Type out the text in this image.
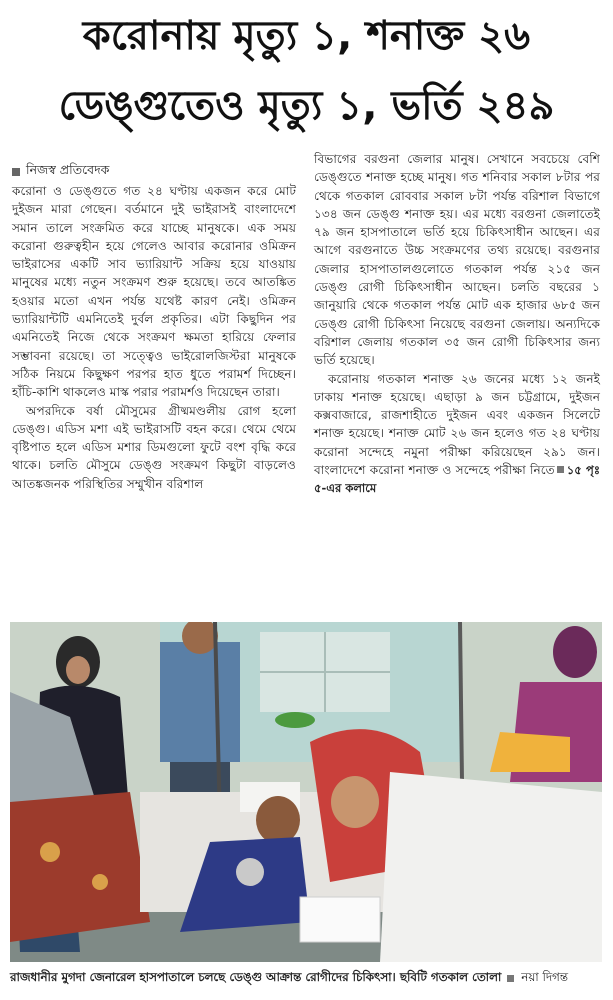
করোনায় মৃত্যু ১, শনাক্ত ২৬
ডেঙ্গুতেও মৃত্যু ১, ভর্তি ২৪৯
নিজস্ব প্রতিবেদক

করোনা ও ডেঙ্গুতে গত ২৪ ঘণ্টায় একজন করে মোট দুইজন মারা গেছেন। বর্তমানে দুই ভাইরাসই বাংলাদেশে সমান তালে সংক্রমিত করে যাচ্ছে মানুষকে। এক সময় করোনা গুরুত্বহীন হয়ে গেলেও আবার করোনার ওমিক্রন ভাইরাসের একটি সাব ভ্যারিয়ান্ট সক্রিয় হয়ে যাওয়ায় মানুষের মধ্যে নতুন সংক্রমণ শুরু হয়েছে। তবে আতঙ্কিত হওয়ার মতো এখন পর্যন্ত যথেষ্ট কারণ নেই। ওমিক্রন ভ্যারিয়ান্টটি এমনিতেই দুর্বল প্রকৃতির। এটা কিছুদিন পর এমনিতেই নিজে থেকে সংক্রমণ ক্ষমতা হারিয়ে ফেলার সম্ভাবনা রয়েছে। তা সত্ত্বেও ভাইরোলজিস্টরা মানুষকে সঠিক নিয়মে কিছুক্ষণ পরপর হাত ধুতে পরামর্শ দিচ্ছেন। হাঁচি-কাশি থাকলেও মাস্ক পরার পরামর্শও দিয়েছেন তারা।

অপরদিকে বর্ষা মৌসুমের গ্রীষ্মমণ্ডলীয় রোগ হলো ডেঙ্গু। এডিস মশা এই ভাইরাসটি বহন করে। থেমে থেমে বৃষ্টিপাত হলে এডিস মশার ডিমগুলো ফুটে বংশ বৃদ্ধি করে থাকে। চলতি মৌসুমে ডেঙ্গু সংক্রমণ কিছুটা বাড়লেও আতঙ্কজনক পরিস্থিতির সম্মুখীন বরিশাল

বিভাগের বরগুনা জেলার মানুষ। সেখানে সবচেয়ে বেশি ডেঙ্গুতে শনাক্ত হচ্ছে মানুষ। গত শনিবার সকাল ৮টার পর থেকে গতকাল রোববার সকাল ৮টা পর্যন্ত বরিশাল বিভাগে ১৩৪ জন ডেঙ্গু শনাক্ত হয়। এর মধ্যে বরগুনা জেলাতেই ৭৯ জন হাসপাতালে ভর্তি হয়ে চিকিৎসাধীন আছেন। এর আগে বরগুনাতে উচ্চ সংক্রমণের তথ্য রয়েছে। বরগুনার জেলার হাসপাতালগুলোতে গতকাল পর্যন্ত ২১৫ জন ডেঙ্গু রোগী চিকিৎসাধীন আছেন। চলতি বছরের ১ জানুয়ারি থেকে গতকাল পর্যন্ত মোট এক হাজার ৬৮৫ জন ডেঙ্গু রোগী চিকিৎসা নিয়েছে বরগুনা জেলায়। অন্যদিকে বরিশাল জেলায় গতকাল ৩৫ জন রোগী চিকিৎসার জন্য ভর্তি হয়েছে।

করোনায় গতকাল শনাক্ত ২৬ জনের মধ্যে ১২ জনই ঢাকায় শনাক্ত হয়েছে। এছাড়া ৯ জন চট্টগ্রামে, দুইজন কক্সবাজারে, রাজশাহীতে দুইজন এবং একজন সিলেটে শনাক্ত হয়েছে। শনাক্ত মোট ২৬ জন হলেও গত ২৪ ঘণ্টায় করোনা সন্দেহে নমুনা পরীক্ষা করিয়েছেন ২৯১ জন। বাংলাদেশে করোনা শনাক্ত ও সন্দেহে পরীক্ষা নিতে ১৫ পৃঃ ৫-এর কলামে

রাজধানীর মুগদা জেনারেল হাসপাতালে চলছে ডেঙ্গু আক্রান্ত রোগীদের চিকিৎসা। ছবিটি গতকাল তোলা নয়া দিগন্ত
